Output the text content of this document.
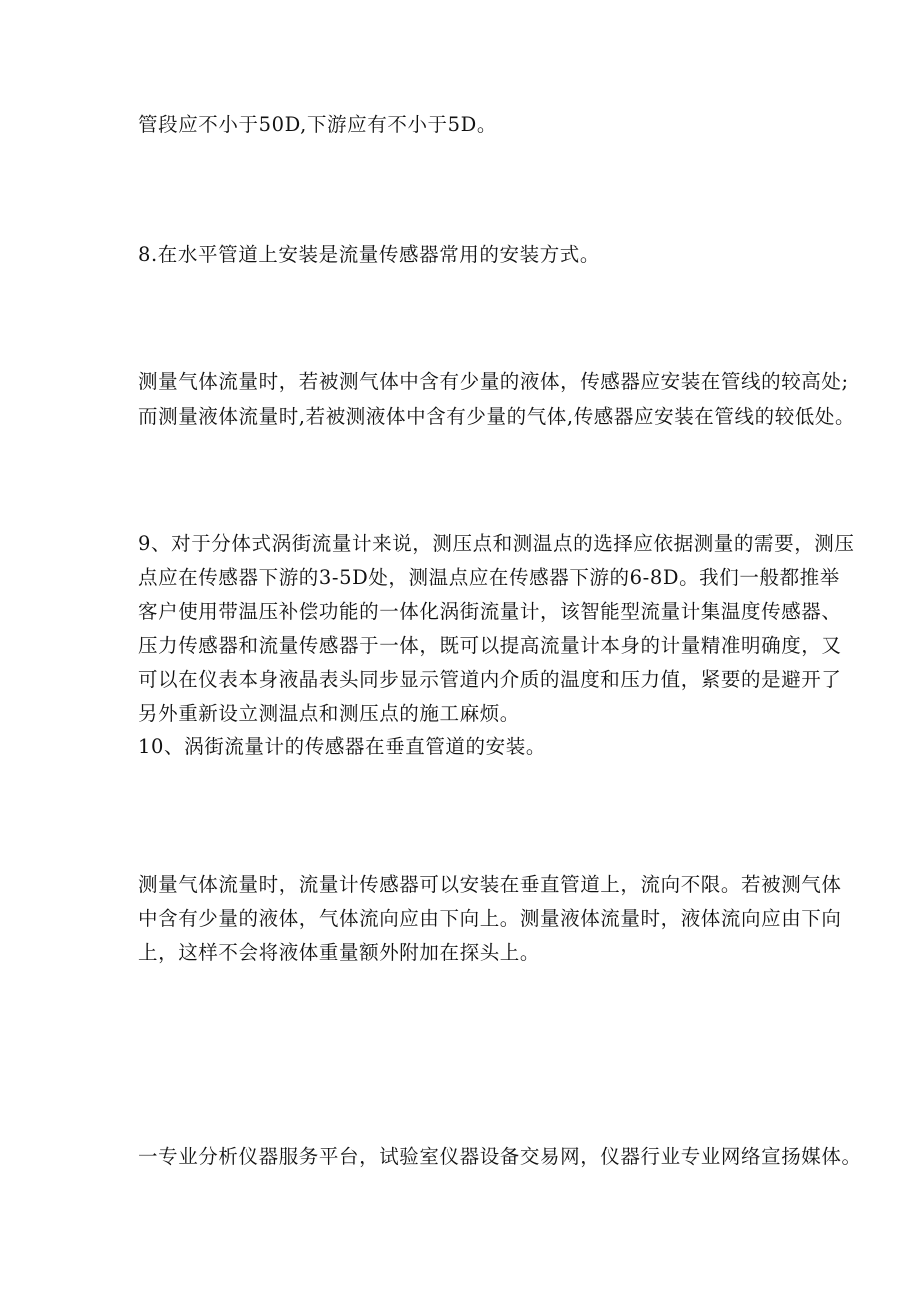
管段应不小于50D,下游应有不小于5D。

8.在水平管道上安装是流量传感器常用的安装方式。

测量气体流量时，若被测气体中含有少量的液体，传感器应安装在管线的较高处;

而测量液体流量时,若被测液体中含有少量的气体,传感器应安装在管线的较低处。

9、对于分体式涡街流量计来说，测压点和测温点的选择应依据测量的需要，测压

点应在传感器下游的3-5D处，测温点应在传感器下游的6-8D。我们一般都推举

客户使用带温压补偿功能的一体化涡街流量计，该智能型流量计集温度传感器、

压力传感器和流量传感器于一体，既可以提高流量计本身的计量精准明确度，又

可以在仪表本身液晶表头同步显示管道内介质的温度和压力值，紧要的是避开了

另外重新设立测温点和测压点的施工麻烦。

10、涡街流量计的传感器在垂直管道的安装。

测量气体流量时，流量计传感器可以安装在垂直管道上，流向不限。若被测气体

中含有少量的液体，气体流向应由下向上。测量液体流量时，液体流向应由下向

上，这样不会将液体重量额外附加在探头上。

一专业分析仪器服务平台，试验室仪器设备交易网，仪器行业专业网络宣扬媒体。
